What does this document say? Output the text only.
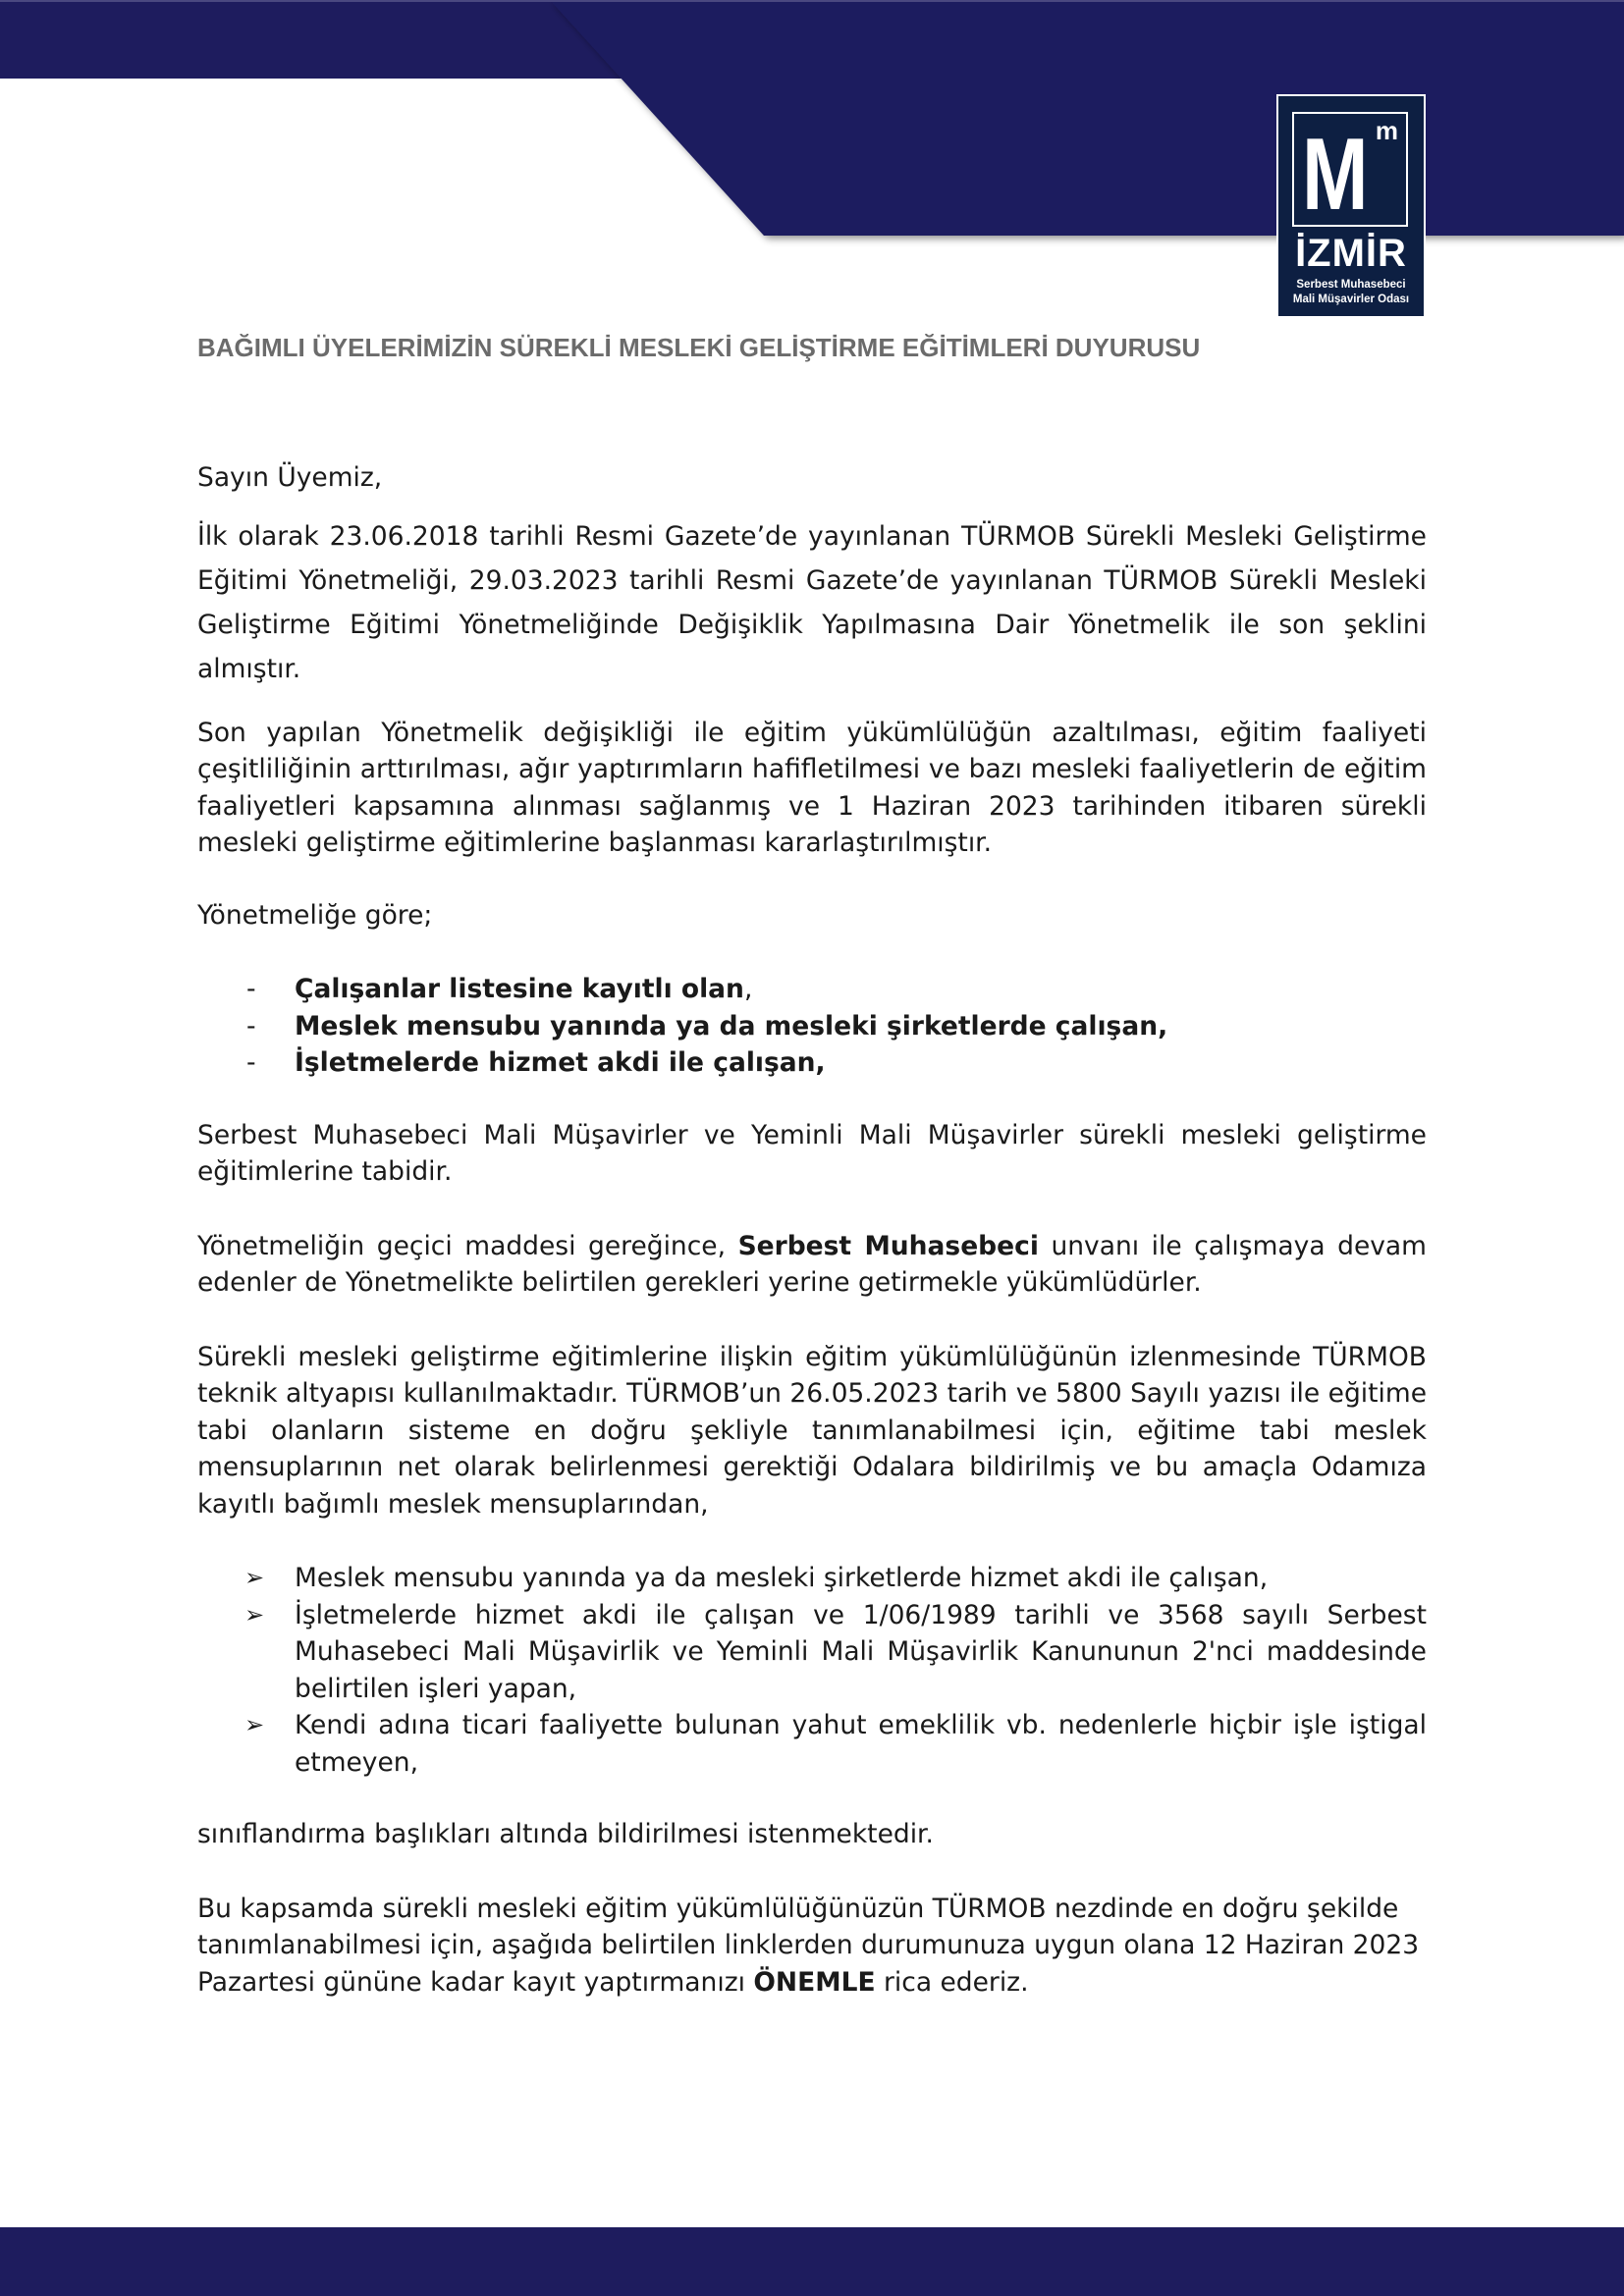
M m
İZMİR
Serbest Muhasebeci
Mali Müşavirler Odası
BAĞIMLI ÜYELERİMİZİN SÜREKLİ MESLEKİ GELİŞTİRME EĞİTİMLERİ DUYURUSU

Sayın Üyemiz,

İlk olarak 23.06.2018 tarihli Resmi Gazete’de yayınlanan TÜRMOB Sürekli Mesleki Geliştirme Eğitimi Yönetmeliği, 29.03.2023 tarihli Resmi Gazete’de yayınlanan TÜRMOB Sürekli Mesleki Geliştirme Eğitimi Yönetmeliğinde Değişiklik Yapılmasına Dair Yönetmelik ile son şeklini almıştır.

Son yapılan Yönetmelik değişikliği ile eğitim yükümlülüğün azaltılması, eğitim faaliyeti çeşitliliğinin arttırılması, ağır yaptırımların hafifletilmesi ve bazı mesleki faaliyetlerin de eğitim faaliyetleri kapsamına alınması sağlanmış ve 1 Haziran 2023 tarihinden itibaren sürekli mesleki geliştirme eğitimlerine başlanması kararlaştırılmıştır.

Yönetmeliğe göre;

- Çalışanlar listesine kayıtlı olan,
- Meslek mensubu yanında ya da mesleki şirketlerde çalışan,
- İşletmelerde hizmet akdi ile çalışan,

Serbest Muhasebeci Mali Müşavirler ve Yeminli Mali Müşavirler sürekli mesleki geliştirme eğitimlerine tabidir.

Yönetmeliğin geçici maddesi gereğince, Serbest Muhasebeci unvanı ile çalışmaya devam edenler de Yönetmelikte belirtilen gerekleri yerine getirmekle yükümlüdürler.

Sürekli mesleki geliştirme eğitimlerine ilişkin eğitim yükümlülüğünün izlenmesinde TÜRMOB teknik altyapısı kullanılmaktadır. TÜRMOB’un 26.05.2023 tarih ve 5800 Sayılı yazısı ile eğitime tabi olanların sisteme en doğru şekliyle tanımlanabilmesi için, eğitime tabi meslek mensuplarının net olarak belirlenmesi gerektiği Odalara bildirilmiş ve bu amaçla Odamıza kayıtlı bağımlı meslek mensuplarından,

➢ Meslek mensubu yanında ya da mesleki şirketlerde hizmet akdi ile çalışan,
➢ İşletmelerde hizmet akdi ile çalışan ve 1/06/1989 tarihli ve 3568 sayılı Serbest Muhasebeci Mali Müşavirlik ve Yeminli Mali Müşavirlik Kanununun 2'nci maddesinde belirtilen işleri yapan,
➢ Kendi adına ticari faaliyette bulunan yahut emeklilik vb. nedenlerle hiçbir işle iştigal etmeyen,

sınıflandırma başlıkları altında bildirilmesi istenmektedir.

Bu kapsamda sürekli mesleki eğitim yükümlülüğünüzün TÜRMOB nezdinde en doğru şekilde tanımlanabilmesi için, aşağıda belirtilen linklerden durumunuza uygun olana 12 Haziran 2023 Pazartesi gününe kadar kayıt yaptırmanızı ÖNEMLE rica ederiz.
